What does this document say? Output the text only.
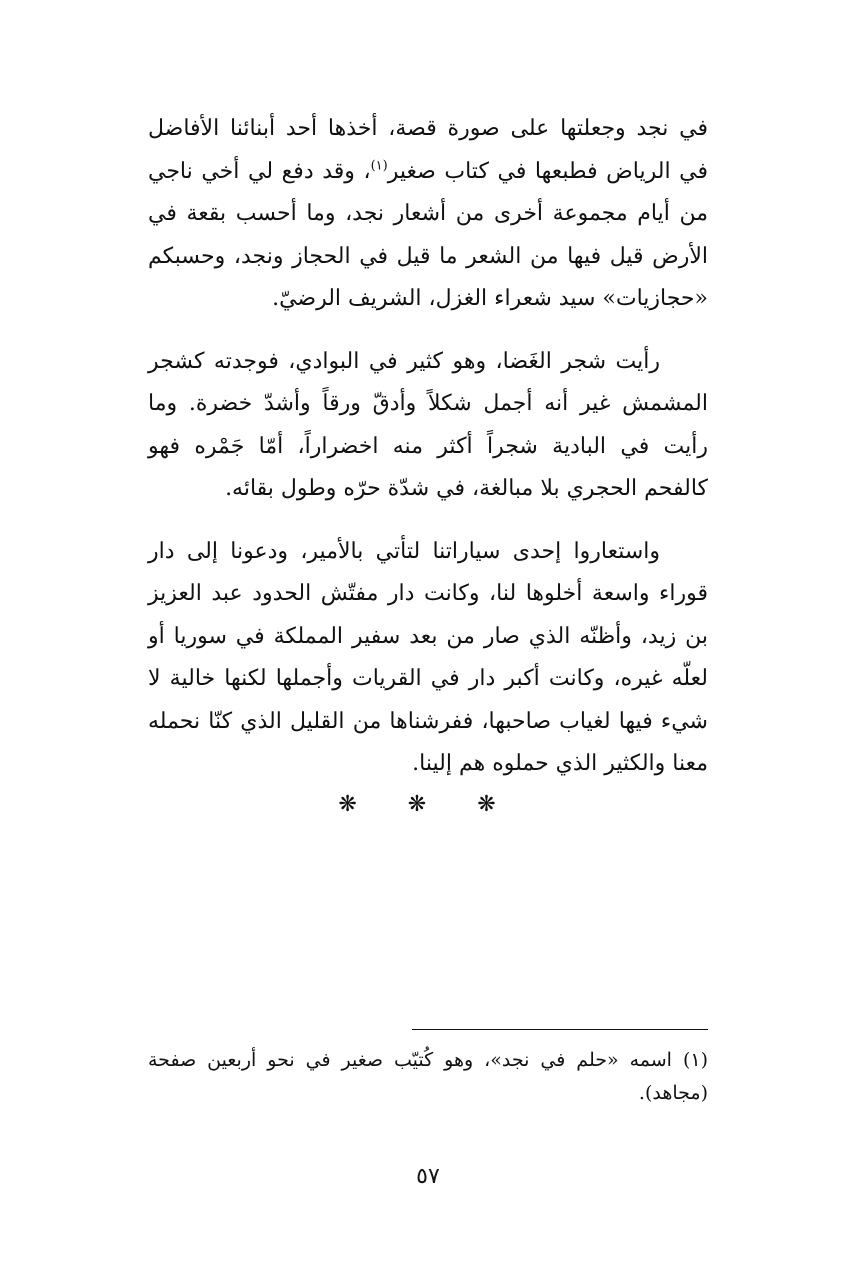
في نجد وجعلتها على صورة قصة، أخذها أحد أبنائنا الأفاضل في الرياض فطبعها في كتاب صغير$^{(١)}$، وقد دفع لي أخي ناجي من أيام مجموعة أخرى من أشعار نجد، وما أحسب بقعة في الأرض قيل فيها من الشعر ما قيل في الحجاز ونجد، وحسبكم «حجازيات» سيد شعراء الغزل، الشريف الرضيّ.

رأيت شجر الغَضا، وهو كثير في البوادي، فوجدته كشجر المشمش غير أنه أجمل شكلاً وأدقّ ورقاً وأشدّ خضرة. وما رأيت في البادية شجراً أكثر منه اخضراراً، أمّا جَمْره فهو كالفحم الحجري بلا مبالغة، في شدّة حرّه وطول بقائه.

واستعاروا إحدى سياراتنا لتأتي بالأمير، ودعونا إلى دار قوراء واسعة أخلوها لنا، وكانت دار مفتّش الحدود عبد العزيز بن زيد، وأظنّه الذي صار من بعد سفير المملكة في سوريا أو لعلّه غيره، وكانت أكبر دار في القريات وأجملها لكنها خالية لا شيء فيها لغياب صاحبها، ففرشناها من القليل الذي كنّا نحمله معنا والكثير الذي حملوه هم إلينا.

❋ ❋ ❋

(١) اسمه «حلم في نجد»، وهو كُتيّب صغير في نحو أربعين صفحة (مجاهد).

٥٧
